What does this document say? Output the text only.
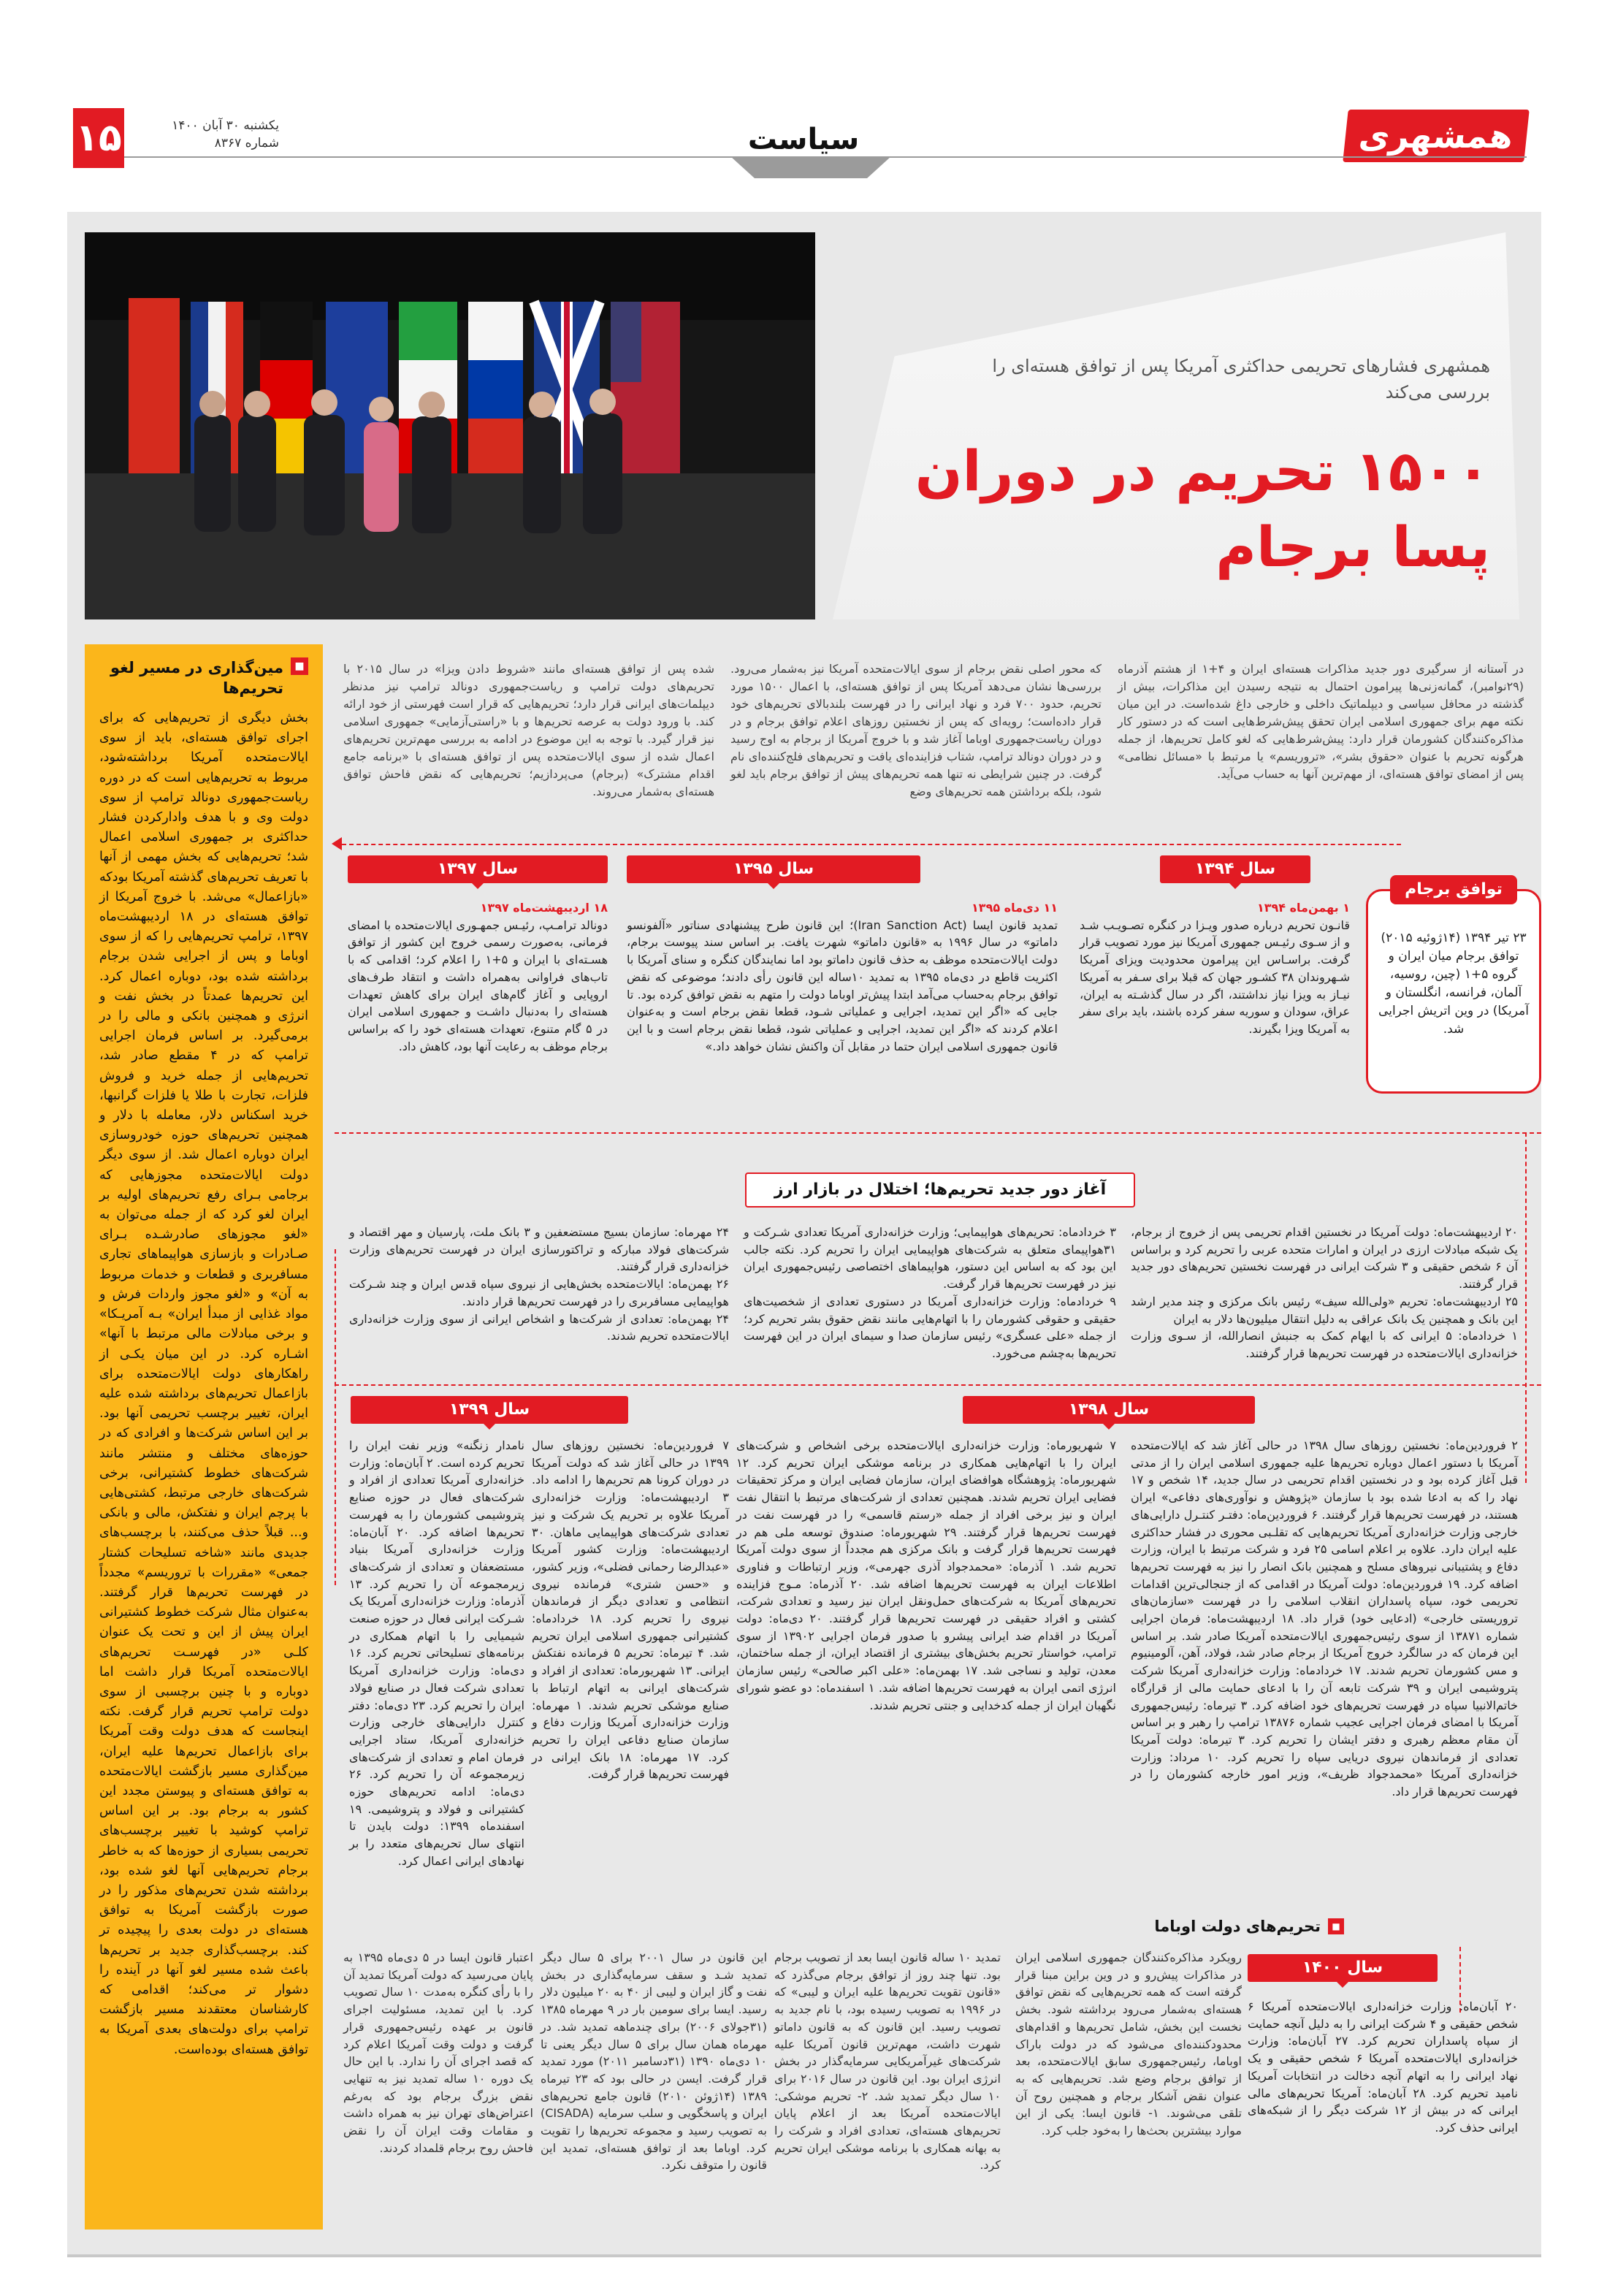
همشهری
سیاست
۱۵	یکشنبه ۳۰ آبان ۱۴۰۰
شماره ۸۳۶۷
همشهری فشارهای تحریمی حداکثری آمریکا پس از توافق هسته‌ای را بررسی می‌کند
۱۵۰۰ تحریم در دوران پسا برجام
در آستانه از سرگیری دور جدید مذاکرات هسته‌ای ایران و ۴+۱ از هشتم آذرماه (۲۹نوامبر)، گمانه‌زنی‌ها پیرامون احتمال به نتیجه رسیدن این مذاکرات، بیش از گذشته در محافل سیاسی و دیپلماتیک داخلی و خارجی داغ شده‌است. در این میان نکته مهم برای جمهوری اسلامی ایران تحقق پیش‌شرط‌هایی است که در دستور کار مذاکره‌کنندگان کشورمان قرار دارد: پیش‌شرط‌هایی که لغو کامل تحریم‌ها، از جمله هرگونه تحریم با عنوان «حقوق بشر»، «تروریسم» یا مرتبط با «مسائل نظامی» پس از امضای توافق هسته‌ای، از مهم‌ترین آنها به حساب می‌آید.
که محور اصلی نقض برجام از سوی ایالات‌متحده آمریکا نیز به‌شمار می‌رود. بررسی‌ها نشان می‌دهد آمریکا پس از توافق هسته‌ای، با اعمال ۱۵۰۰ مورد تحریم، حدود ۷۰۰ فرد و نهاد ایرانی را در فهرست بلندبالای تحریم‌های خود قرار داده‌است؛ رویه‌ای که پس از نخستین روزهای اعلام توافق برجام و در دوران ریاست‌جمهوری اوباما آغاز شد و با خروج آمریکا از برجام به اوج رسید و در دوران دونالد ترامپ، شتاب فزاینده‌ای یافت و تحریم‌های فلج‌کننده‌ای نام گرفت. در چنین شرایطی نه تنها همه تحریم‌های پیش از توافق برجام باید لغو شود، بلکه برداشتن همه تحریم‌های وضع
شده پس از توافق هسته‌ای مانند «شروط دادن ویزا» در سال ۲۰۱۵ با تحریم‌های دولت ترامپ و ریاست‌جمهوری دونالد ترامپ نیز مدنظر دیپلمات‌های ایرانی قرار دارد؛ تحریم‌هایی که قرار است فهرستی از خود ارائه کند. با ورود دولت به عرصه تحریم‌ها و با «راستی‌آزمایی» جمهوری اسلامی نیز قرار گیرد. با توجه به این موضوع در ادامه به بررسی مهم‌ترین تحریم‌های اعمال شده از سوی ایالات‌متحده پس از توافق هسته‌ای با «برنامه جامع اقدام مشترک» (برجام) می‌پردازیم؛ تحریم‌هایی که نقض فاحش توافق هسته‌ای به‌شمار می‌روند.
■
مین‌گذاری در مسیر لغو تحریم‌ها
بخش دیگری از تحریم‌هایی که برای اجرای توافق هسته‌ای، باید از سوی ایالات‌متحده آمریکا برداشته‌شود، مربوط به تحریم‌هایی است که در دوره ریاست‌جمهوری دونالد ترامپ از سوی دولت وی و با هدف وادارکردن فشار حداکثری بر جمهوری اسلامی اعمال شد؛ تحریم‌هایی که بخش مهمی از آنها با تعریف تحریم‌های گذشته آمریکا بودکه «بازاعمال» می‌شد. با خروج آمریکا از توافق هسته‌ای در ۱۸ اردیبهشت‌ماه ۱۳۹۷، ترامپ تحریم‌هایی را که از سوی اوباما و پس از اجرایی شدن برجام برداشته شده بود، دوباره اعمال کرد. این تحریم‌ها عمدتاً در بخش نفت و انرژی و همچنین بانکی و مالی را در برمی‌گیرد. بر اساس فرمان اجرایی ترامپ که در ۴ مقطع صادر شد، تحریم‌هایی از جمله خرید و فروش فلزات، تجارت با طلا یا فلزات گرانبها، خرید اسکناس دلار، معامله با دلار و همچنین تحریم‌های حوزه خودروسازی ایران دوباره اعمال شد. از سوی دیگر دولت ایالات‌متحده مجوزهایی که برجامی بـرای رفع تحریم‌های اولیه بر ایران لغو کرد که از جمله می‌توان به «لغو مجوزهای صادرشـده بـرای صـادرات و بازسازی هواپیماهای تجاری مسافربری و قطعات و خدمات مربوط به آن» و «لغو مجوز واردات فرش و مواد غذایی از مبدأ ایران» بـه آمریـکا» و برخی مبادلات مالی مرتبط با آنها» اشـاره کرد. در این میان یکـی از راهکارهای دولت ایالات‌متحده برای بازاعمال تحریم‌های برداشته شده علیه ایران، تغییر برچسب تحریمی آنها بود. بر این اساس شرکت‌ها و افرادی که در حوزه‌های مختلف و منتشر مانند شرکت‌های خطوط کشتیرانی، برخی شرکت‌های خارجی مرتبط، کشتی‌هایی با پرچم ایران و نفتکش، مالی و بانکی و... قبلاً حذف می‌کنند، با برچسب‌های جدیدی مانند «شاخه تسلیحات کشتار جمعی» «مقررات با تروریسم» مجدداً در فهرست تحریم‌ها قرار گرفتند. به‌عنوان مثال شرکت خطوط کشتیرانی ایران پیش از این و تحت یک عنوان کلـی «در فهرسـت تحریم‌های ایالات‌متحده آمریکا قرار داشت اما دوباره و با چنین برچسبی از سوی دولت ترامپ تحریم قرار گرفت. نکته اینجاست که هدف دولت وقت آمریکا برای بازاعمال تحریم‌ها علیه ایران، مین‌گذاری مسیر بازگشت ایالات‌متحده به توافق هسته‌ای و پیوستن مجدد این کشور به برجام بود. بر این اساس ترامپ کوشید با تغییر برچسب‌های تحریمی بسیاری از حوزه‌ها که به خاطر برجام تحریم‌هایی آنها لغو شده بود، برداشته شدن تحریم‌های مذکور را در صورت بازگشت آمریکا به توافق هسته‌ای در دولت بعدی را پیچیده تر کند. برچسب‌گذاری جدید بر تحریم‌ها باعث شده مسیر لغو آنها در آینده را دشوار تر می‌کند؛ اقدامی که کارشناسان معتقدند مسیر بازگشت ترامپ برای دولت‌های بعدی آمریکا به توافق هسته‌ای بوده‌است.
توافق برجام
۲۳ تیر ۱۳۹۴ (۱۴ژوئیه ۲۰۱۵) توافق برجام میان ایران و گروه ۵+۱ (چین، روسیه، آلمان، فرانسه، انگلستان و آمریکا) در وین اتریش اجرایی شد.
سال ۱۳۹۴
سال ۱۳۹۵
سال ۱۳۹۷
۱ بهمن‌ماه ۱۳۹۴
قانـون تحریم درباره صدور ویـزا در کنگره تصـویـب شـد و از سـوی رئیـس جمهوری آمریکا نیز مورد تصویب قرار گرفت. براسـاس این پیرامون محدودیت ویزای آمریکا شـهروندان ۳۸ کشـور جهان که قبلا برای سـفر به آمریکا نیـاز به ویزا نیاز نداشتند، اگر در سال گذشـته به ایران، عراق، سودان و سوریه سفر کرده باشند، باید برای سفر به آمریکا ویزا بگیرند.
۱۱ دی‌ماه ۱۳۹۵
تمدید قانون ایسا (Iran Sanction Act)؛ این قانون طرح پیشنهادی سناتور «آلفونسو داماتو» در سال ۱۹۹۶ به «قانون داماتو» شهرت یافت. بر اساس سند پیوست برجام، دولت ایالات‌متحده موظف به حذف قانون داماتو بود اما نمایندگان کنگره و سنای آمریکا با اکثریت قاطع در دی‌ماه ۱۳۹۵ به تمدید ۱۰ساله این قانون رأی دادند؛ موضوعی که نقض توافق برجام به‌حساب می‌آمد ابتدا پیش‌تر اوباما دولت را متهم به نقض توافق کرده بود. تا جایی که «اگر این تمدید، اجرایی و عملیاتی شـود، قطعا نقض برجام است و به‌عنوان اعلام کردند که «اگر این تمدید، اجرایی و عملیاتی شود، قطعا نقض برجام است و با این قانون جمهوری اسلامی ایران حتما در مقابل آن واکنش نشان خواهد داد.»
۱۸ اردیبهشت‌ماه ۱۳۹۷
دونالد ترامـپ، رئیـس جمهـوری ایالات‌متحده با امضای فرمانی، به‌صورت رسمی خروج این کشور از توافق هسـته‌ای با ایران و ۵+۱ را اعلام کرد؛ اقدامی که با تاب‌های فراوانی به‌همراه داشت و انتقاد طرف‌های اروپایی و آغاز گام‌های ایران برای کاهش تعهدات هسته‌ای را به‌دنبال داشـت و جمهوری اسلامی ایران در ۵ گام متنوع، تعهدات هسته‌ای خود را که براساس برجام موظف به رعایت آنها بود، کاهش داد.
آغاز دور جدید تحریم‌ها؛ اختلال در بازار ارز
۲۰ اردیبهشت‌ماه: دولت آمریکا در نخستین اقدام تحریمی پس از خروج از برجام، یک شبکه مبادلات ارزی در ایران و امارات متحده عربی را تحریم کرد و براساس آن ۶ شخص حقیقی و ۳ شرکت ایرانی در فهرست نخستین تحریم‌های دور جدید قرار گرفتند.
۲۵ اردیبهشت‌ماه: تحریم «ولی‌الله سیف» رئیس بانک مرکزی و چند مدیر ارشد این بانک و همچنین یک بانک عراقی به دلیل انتقال میلیون‌ها دلار به ایران
۱ خردادماه: ۵ ایرانی که با ایهام کمک به جنبش انصارالله، از سـوی وزارت خزانه‌داری ایالات‌متحده در فهرست تحریم‌ها قرار گرفتند.
۳ خردادماه: تحریم‌های هواپیمایی؛ وزارت خزانه‌داری آمریکا تعدادی شـرکت و ۳۱هواپیمای متعلق به شرکت‌های هواپیمایی ایران را تحریم کرد. نکته جالب این بود که به اساس این دستور، هواپیماهای اختصاصی رئیس‌جمهوری ایران نیز در فهرست تحریم‌ها قرار گرفت.
۹ خردادماه: وزارت خزانه‌داری آمریکا در دستوری تعدادی از شخصیت‌های حقیقی و حقوقی کشورمان را با اتهام‌هایی مانند نقض حقوق بشر تحریم کرد؛ از جمله «علی عسگری» رئیس سازمان صدا و سیمای ایران در این فهرست تحریم‌ها به‌چشم می‌خورد.
۲۴ مهرماه: سازمان بسیج مستضعفین و ۳ بانک ملت، پارسیان و مهر اقتصاد و شرکت‌های فولاد مبارکه و تراکتورسازی ایران در فهرست تحریم‌های وزارت خزانه‌داری قرار گرفتند.
۲۶ بهمن‌ماه: ایالات‌متحده بخش‌هایی از نیروی سپاه قدس ایران و چند شـرکت هواپیمایی مسافربری را در فهرست تحریم‌ها قرار دادند.
۲۴ بهمن‌ماه: تعدادی از شرکت‌ها و اشخاص ایرانی از سوی وزارت خزانه‌داری ایالات‌متحده تحریم شدند.
سال ۱۳۹۸
سال ۱۳۹۹
۲ فروردین‌ماه: نخستین روزهای سال ۱۳۹۸ در حالی آغاز شد که ایالات‌متحده آمریکا با دستور اعمال دوباره تحریم‌ها علیه جمهوری اسلامی ایران را از مدتی قبل آغاز کرده بود و در نخستین اقدام تحریمی در سال جدید، ۱۴ شخص و ۱۷ نهاد را که به ادعا شده بود با سازمان «پژوهش و نوآوری‌های دفاعی» ایران هستند، در فهرست تحریم‌ها قرار گرفتند. ۶ فروردین‌ماه: دفتـر کنتـرل دارایی‌های خارجی وزارت خزانه‌داری آمریکا تحریم‌هایی که تقلـبی محوری در فشار حداکثری علیه ایران دارد. علاوه بر اعلام اسامی ۲۵ فرد و شرکت مرتبط با ایران، وزارت دفاع و پشتیبانی نیروهای مسلح و همچنین بانک انصار را نیز به فهرست تحریم‌ها اضافه کرد. ۱۹ فروردین‌ماه: دولت آمریکا در اقدامی که از جنجالی‌ترین اقدامات تحریمی خود، سپاه پاسداران انقلاب اسلامی را در فهرست «سازمان‌های تروریستی خارجی» (ادعایی خود) قرار داد. ۱۸ اردیبهشت‌ماه: فرمان اجرایی شماره ۱۳۸۷۱ از سوی رئیس‌جمهوری ایالات‌متحده آمریکا صادر شد. بر اساس این فرمان که در سالگرد خروج آمریکا از برجام صادر شد، فولاد، آهن، آلومینیوم و مس کشورمان تحریم شدند. ۱۷ خردادماه: وزارت خزانه‌داری آمریکا شرکت پتروشیمی ایران و ۳۹ شرکت تابعه آن را با ادعای حمایت مالی از قرارگاه خاتم‌الانبیا سپاه در فهرست تحریم‌های خود اضافه کرد. ۳ تیرماه: رئیس‌جمهوری آمریکا با امضای فرمان اجرایی عجیب شماره ۱۳۸۷۶ ترامپ را رهبر و بر اساس آن مقام معظم رهبری و دفتر ایشان را تحریم کرد. ۳ تیرماه: دولت آمریکا تعدادی از فرماندهان نیروی دریایی سپاه را تحریم کرد. ۱۰ مرداد: وزارت خزانه‌داری آمریکا «محمدجواد ظریف»، وزیر امور خارجه کشورمان را در فهرست تحریم‌ها قرار داد.
۷ شهریورماه: وزارت خزانه‌داری ایالات‌متحده برخی اشخاص و شرکت‌های ایران را با اتهام‌هایی همکاری در برنامه موشکی ایران تحریم کرد. ۱۲ شهریورماه: پژوهشگاه هوافضای ایران، سازمان فضایی ایران و مرکز تحقیقات فضایی ایران تحریم شدند. همچنین تعدادی از شرکت‌های مرتبط با انتقال نفت ایران و نیز برخی افراد از جمله «رستم قاسمی» را در فهرست نفت در فهرست تحریم‌ها قرار گرفتند. ۲۹ شهریورماه: صندوق توسعه ملی هم در فهرست تحریم‌ها قرار گرفت و بانک مرکزی هم مجدداً از سوی دولت آمریکا تحریم شد. ۱ آذرماه: «محمدجواد آذری جهرمی»، وزیر ارتباطات و فناوری اطلاعات ایران به فهرست تحریم‌ها اضافه شد. ۲۰ آذرماه: مـوج فزاینده تحریم‌های آمریکا به شرکت‌های حمل‌ونقل ایران نیز رسید و تعدادی شرکت، کشتی و افراد حقیقی در فهرست تحریم‌ها قرار گرفتند. ۲۰ دی‌ماه: دولت آمریکا در اقدام ضد ایرانی پیشرو با صدور فرمان اجرایی ۱۳۹۰۲ از سوی ترامپ، خواستار تحریم بخش‌های بیشتری از اقتصاد ایران، از جمله ساختمان، معدن، تولید و نساجی شد. ۱۷ بهمن‌ماه: «علی اکبر صالحی» رئیس سازمان انرژی اتمی ایران به فهرست تحریم‌ها اضافه شد. ۱ اسفندماه: دو عضو شورای نگهبان ایران از جمله کدخدایی و جنتی تحریم شدند.
۷ فروردین‌ماه: نخستین روزهای سال ۱۳۹۹ در حالی آغاز شد که دولت آمریکا در دوران کرونا هم تحریم‌ها را ادامه داد. ۳ اردیبهشت‌ماه: وزارت خزانه‌داری آمریکا علاوه بر تحریم یک شرکت و نیز تعدادی شرکت‌های هواپیمایی ماهان. ۳۰ اردیبهشت‌ماه: وزارت کشور آمریکا «عبدالرضا رحمانی فضلی»، وزیر کشور، و «حسن شتری» فرمانده نیروی انتظامی و تعدادی دیگر از فرماندهان نیروی را تحریم کرد. ۱۸ خردادماه: کشتیرانی جمهوری اسلامی ایران تحریم شد. ۴ تیرماه: تحریم ۵ فرمانده نفتکش ایرانی. ۱۳ شهریورماه: تعدادی از افراد و شرکت‌های ایرانی به اتهام ارتباط با صنایع موشکی تحریم شدند. ۱ مهرماه: وزارت خزانه‌داری آمریکا وزارت دفاع و سازمان صنایع دفاعی ایران را تحریم کرد. ۱۷ مهرماه: ۱۸ بانک ایرانی در فهرست تحریم‌ها قرار گرفت.
نامدار زنگنه» وزیر نفت ایران را تحریم کرده است. ۲ آبان‌ماه: وزارت خزانه‌داری آمریکا تعدادی از افراد و شرکت‌های فعال در حوزه صنایع پتروشیمی کشورمان را به فهرست تحریم‌ها اضافه کرد. ۲۰ آبان‌ماه: وزارت خزانه‌داری آمریکا بنیاد مستضعفان و تعدادی از شرکت‌های زیرمجموعه آن را تحریم کرد. ۱۳ آذرماه: وزارت خزانه‌داری آمریکا یک شـرکت ایرانی فعال در حوزه صنعت شیمیایی را با اتهام همکاری در برنامه‌های تسلیحاتی تحریم کرد. ۱۶ دی‌ماه: وزارت خزانه‌داری آمریکا تعدادی شرکت فعال در صنایع فولاد ایران را تحریم کرد. ۲۳ دی‌ماه: دفتر کنترل دارایی‌های خارجی وزارت خزانه‌داری آمریکا، ستاد اجرایی فرمان امام و تعدادی از شرکت‌های زیرمجموعه آن را تحریم کرد. ۲۶ دی‌ماه: ادامه تحریم‌های حوزه کشتیرانی و فولاد و پتروشیمی. ۱۹ اسفندماه ۱۳۹۹: دولت بایدن تا انتهای سال تحریم‌های متعدد را بر نهادهای ایرانی اعمال کرد.
سال ۱۴۰۰
۲۰ آبان‌ماه: وزارت خزانه‌داری ایالات‌متحده آمریکا ۶ شخص حقیقی و ۴ شرکت ایرانی را به دلیل آنچه حمایت از سپاه پاسداران تحریم کرد. ۲۷ آبان‌ماه: وزارت خزانه‌داری ایالات‌متحده آمریکا ۶ شخص حقیقی و یک نهاد ایرانی را به اتهام آنچه دخالت در انتخابات آمریکا نامید تحریم کرد. ۲۸ آبان‌ماه: آمریکا تحریم‌های مالی ایرانی که در بیش از ۱۲ شرکت دیگر را از شبکه‌های ایرانی حذف کرد.
■
تحریم‌های دولت اوباما
رویکرد مذاکره‌کنندگان جمهوری اسلامی ایران در مذاکرات پیش‌رو و در وین براین مبنا قرار گرفته است که همه تحریم‌هایی که نقض توافق هسته‌ای به‌شمار می‌رود برداشته شود. بخش نخست این بخش، شامل تحریم‌ها و اقدام‌های محدودکننده‌ای می‌شود که در دولت باراک اوباما، رئیس‌جمهوری سابق ایالات‌متحده، بعد از توافق برجام وضع شد. تحریم‌هایی که به عنوان نقض آشکار برجام و همچنین روح آن تلقی می‌شوند. ۱- قانون ایسا: یکی از این موارد بیشترین بحث‌ها را به‌خود جلب کرد.
تمدید ۱۰ ساله قانون ایسا بعد از تصویب برجام بود. تنها چند روز از توافق برجام می‌گذرد که «قانون تقویت تحریم‌ها علیه ایران و لیبی» که در ۱۹۹۶ به تصویب رسیده بود، با نام جدید به تصویب رسید. این قانون که به قانون داماتو شهرت داشت، مهم‌ترین قانون آمریکا علیه شرکت‌های غیرآمریکایی سرمایه‌گذار در بخش انرژی ایران بود. این قانون در سال ۲۰۱۶ برای ۱۰ سال دیگر تمدید شد. ۲- تحریم موشکی: ایالات‌متحده آمریکا بعد از اعلام پایان تحریم‌های هسته‌ای، تعدادی افراد و شرکت را به بهانه همکاری با برنامه موشکی ایران تحریم کرد.
این قانون در سال ۲۰۰۱ برای ۵ سال دیگر تمدید شـد و سقف سرمایه‌گذاری در بخش نفت و گاز ایران و لیبی از ۴۰ به ۲۰ میلیون دلار رسید. ایسا برای سومین بار در ۹ مهرماه ۱۳۸۵ (۳۱جولای ۲۰۰۶) برای چندماهه تمدید شد. در مهرماه همان سال برای ۵ سال دیگر یعنی تا ۱۰ دی‌ماه ۱۳۹۰ (۳۱دسامبر ۲۰۱۱) مورد تمدید قرار گرفت. ایسن در حالی بود که ۲۳ تیرماه ۱۳۸۹ (۱۴ژوئن ۲۰۱۰) قانون جامع تحریم‌های ایران و پاسخگویی و سلب سرمایه (CISADA) به تصویب رسید و مجموعه تحریم‌ها را تقویت کرد. اوباما بعد از توافق هسته‌ای، تمدید این قانون را متوقف نکرد.
اعتبار قانون ایسا در ۵ دی‌ماه ۱۳۹۵ به پایان می‌رسید که دولت آمریکا تمدید آن را با رأی کنگره به‌مدت ۱۰ سال تصویب کرد. با این تمدید، مسئولیت اجرای قانون بر عهده رئیس‌جمهوری قرار گرفت و دولت وقت آمریکا اعلام کرد که قصد اجرای آن را ندارد. با این حال یک دوره ۱۰ ساله تمدید نیز به تنهایی نقض بزرگ برجام بود که به‌رغم اعتراض‌های تهران نیز به همراه داشت و مقامات وقت ایران آن را نقض فاحش روح برجام قلمداد کردند.
